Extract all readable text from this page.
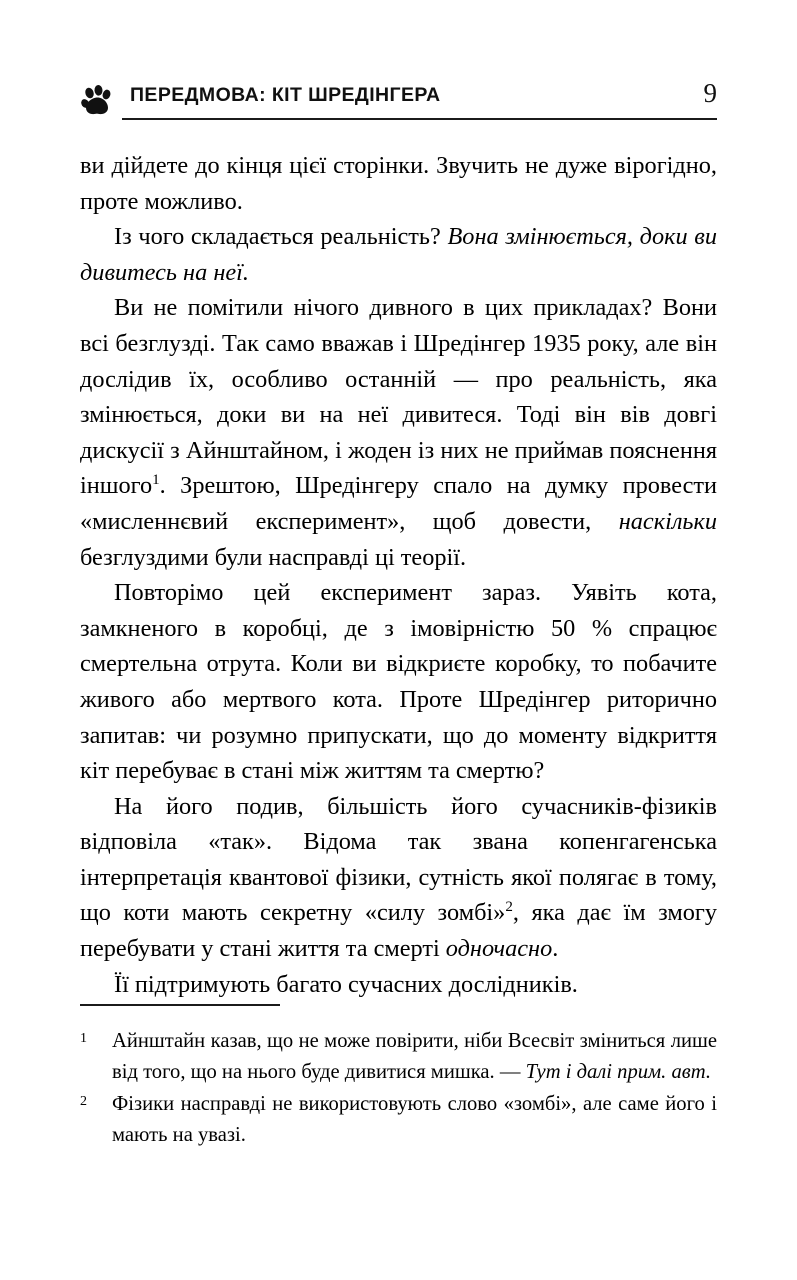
ПЕРЕДМОВА: КІТ ШРЕДІНГЕРА	9

ви дійдете до кінця цієї сторінки. Звучить не дуже вірогідно, проте можливо.

Із чого складається реальність? Вона змінюється, доки ви дивитесь на неї.

Ви не помітили нічого дивного в цих прикладах? Вони всі безглузді. Так само вважав і Шредінгер 1935 року, але він дослідив їх, особливо останній — про реальність, яка змінюється, доки ви на неї дивитеся. Тоді він вів довгі дискусії з Айнштайном, і жоден із них не приймав пояснення іншого$^1$. Зрештою, Шредінгеру спало на думку провести «мисленнєвий експеримент», щоб довести, наскільки безглуздими були насправді ці теорії.

Повторімо цей експеримент зараз. Уявіть кота, замкненого в коробці, де з імовірністю 50 % спрацює смертельна отрута. Коли ви відкриєте коробку, то побачите живого або мертвого кота. Проте Шредінгер риторично запитав: чи розумно припускати, що до моменту відкриття кіт перебуває в стані між життям та смертю?

На його подив, більшість його сучасників-фізиків відповіла «так». Відома так звана копенгагенська інтерпретація квантової фізики, сутність якої полягає в тому, що коти мають секретну «силу зомбі»$^2$, яка дає їм змогу перебувати у стані життя та смерті одночасно.

Її підтримують багато сучасних дослідників.

1 Айнштайн казав, що не може повірити, ніби Всесвіт зміниться лише від того, що на нього буде дивитися мишка. — Тут і далі прим. авт.
2 Фізики насправді не використовують слово «зомбі», але саме його і мають на увазі.
